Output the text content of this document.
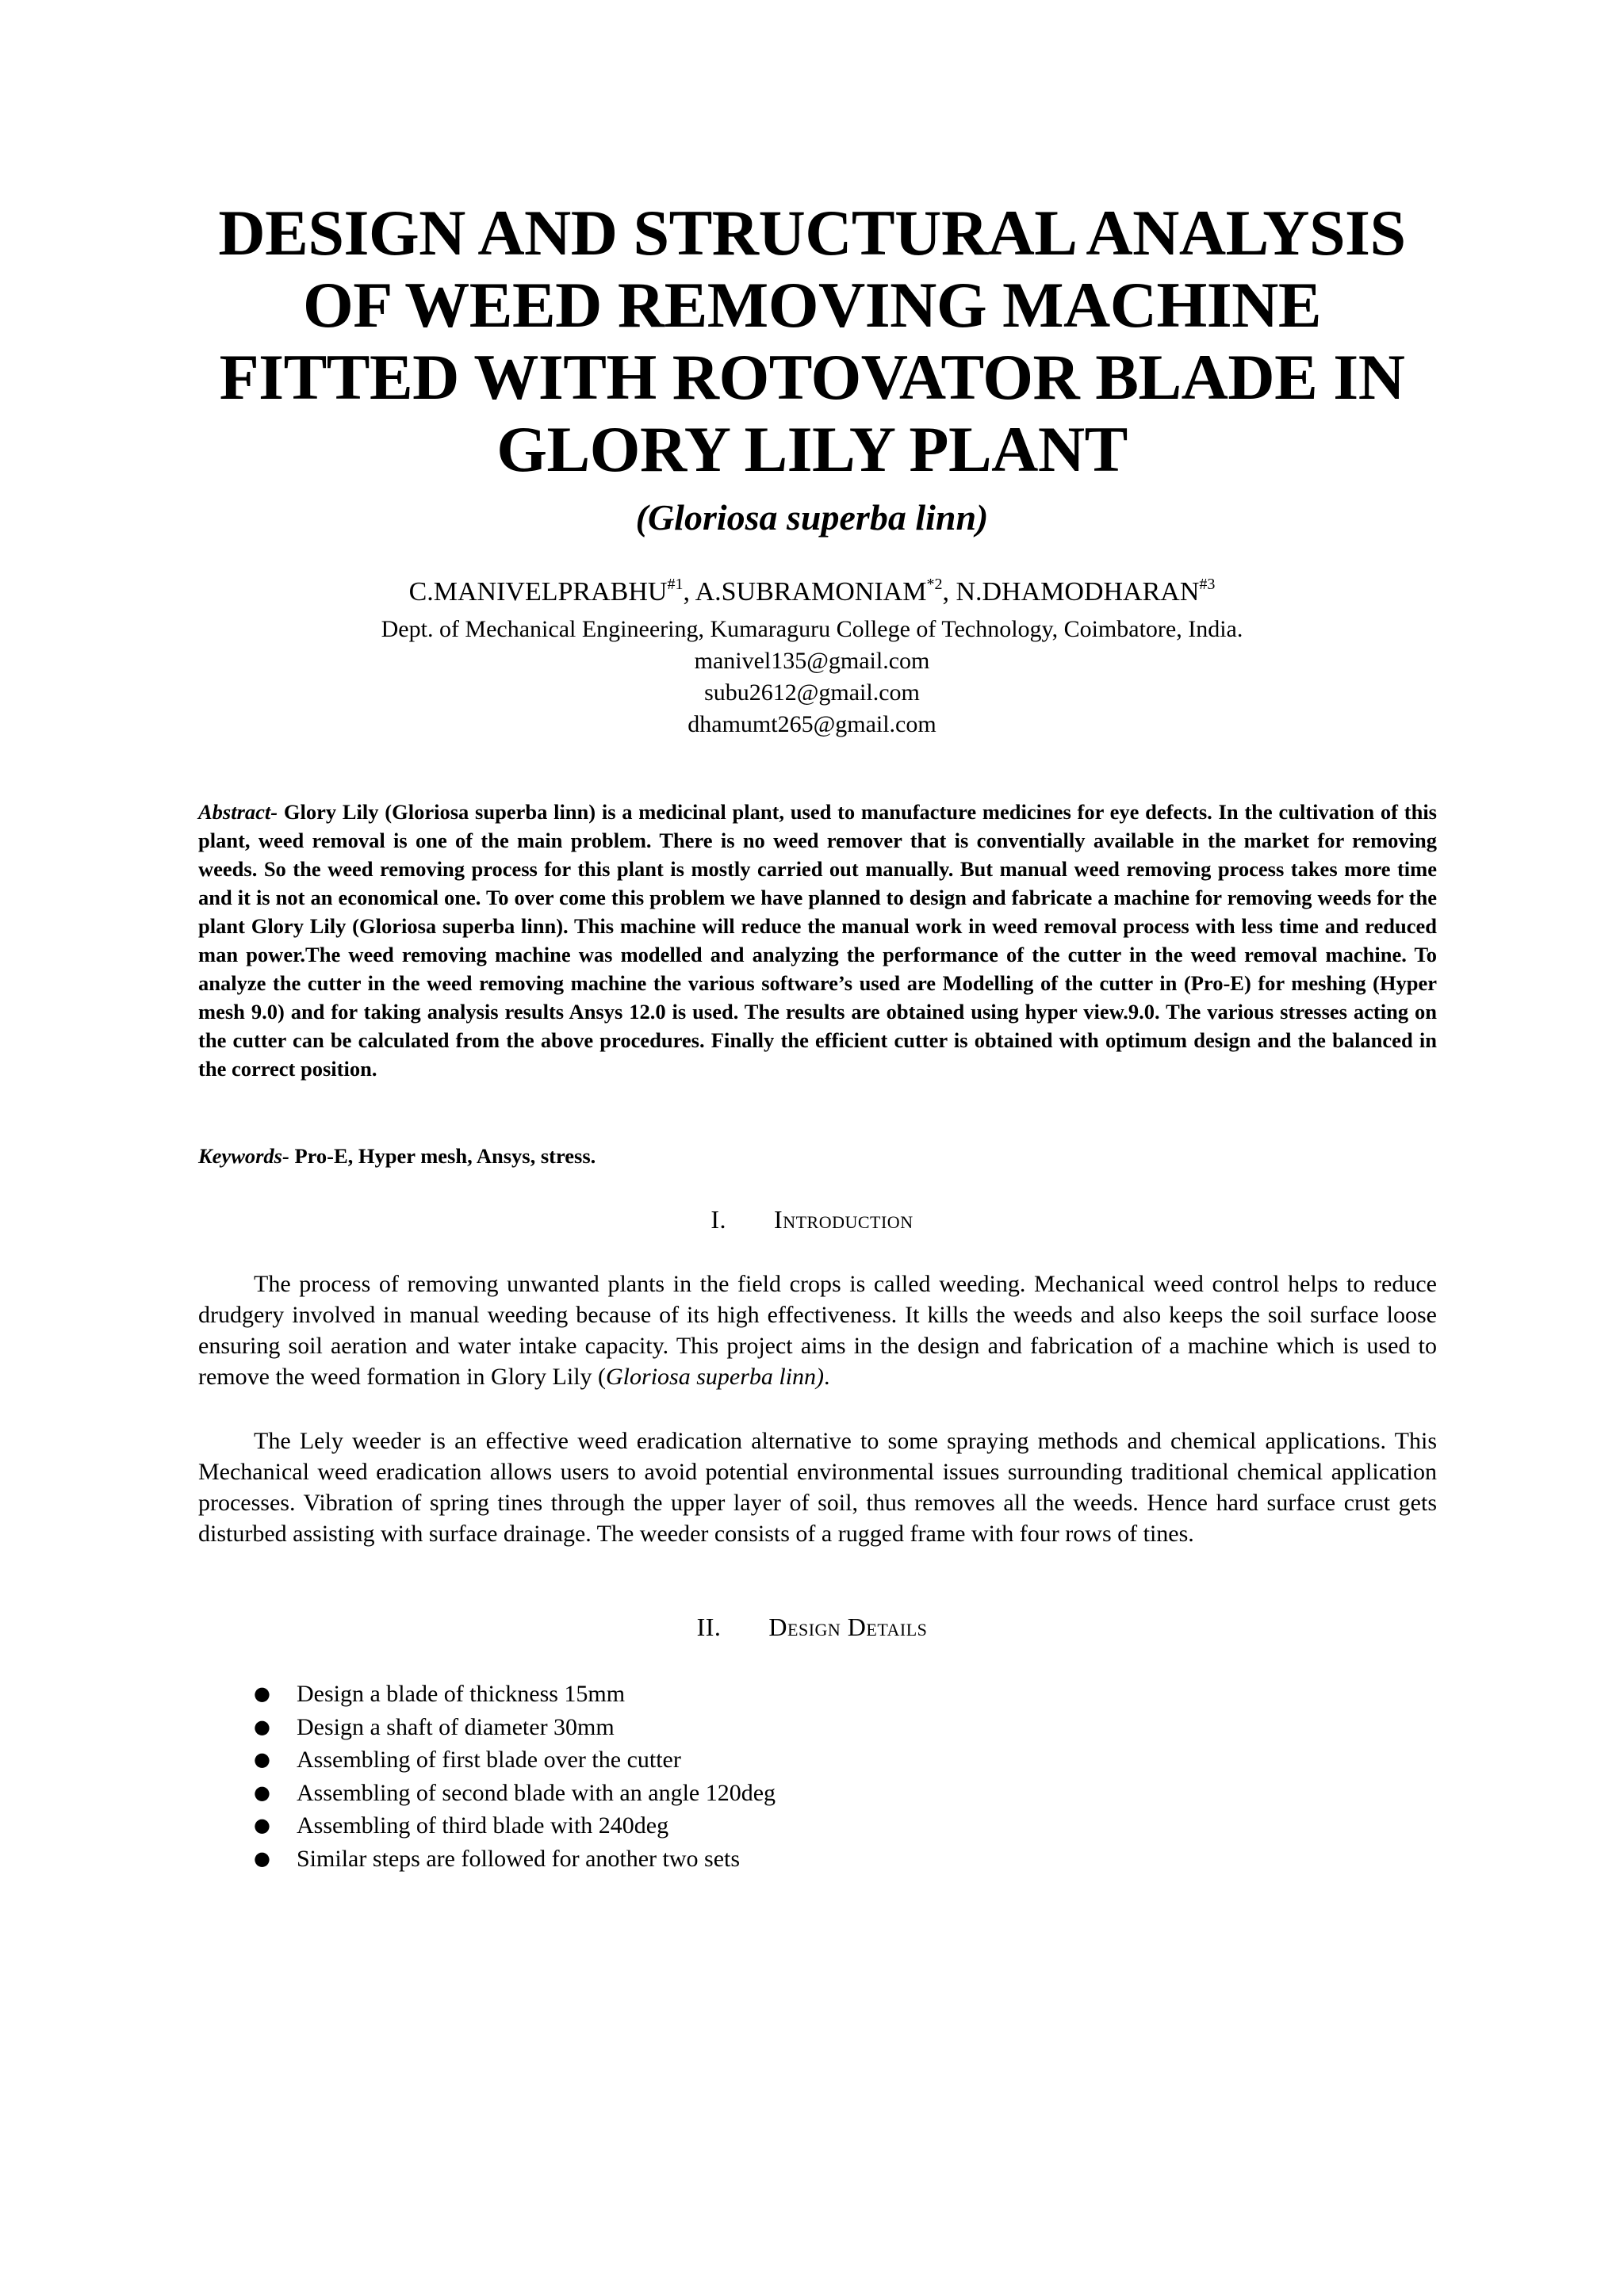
DESIGN AND STRUCTURAL ANALYSIS
OF WEED REMOVING MACHINE
FITTED WITH ROTOVATOR BLADE IN
GLORY LILY PLANT
(Gloriosa superba linn)
C.MANIVELPRABHU$^{\#1}$, A.SUBRAMONIAM$^{*2}$, N.DHAMODHARAN$^{\#3}$
Dept. of Mechanical Engineering, Kumaraguru College of Technology, Coimbatore, India.
manivel135@gmail.com
subu2612@gmail.com
dhamumt265@gmail.com
Abstract- Glory Lily (Gloriosa superba linn) is a medicinal plant, used to manufacture medicines for eye defects. In the cultivation of this plant, weed removal is one of the main problem. There is no weed remover that is conventially available in the market for removing weeds. So the weed removing process for this plant is mostly carried out manually. But manual weed removing process takes more time and it is not an economical one. To over come this problem we have planned to design and fabricate a machine for removing weeds for the plant Glory Lily (Gloriosa superba linn). This machine will reduce the manual work in weed removal process with less time and reduced man power.The weed removing machine was modelled and analyzing the performance of the cutter in the weed removal machine. To analyze the cutter in the weed removing machine the various software’s used are Modelling of the cutter in (Pro-E) for meshing (Hyper mesh 9.0) and for taking analysis results Ansys 12.0 is used. The results are obtained using hyper view.9.0. The various stresses acting on the cutter can be calculated from the above procedures. Finally the efficient cutter is obtained with optimum design and the balanced in the correct position.
Keywords- Pro-E, Hyper mesh, Ansys, stress.
I. Introduction
The process of removing unwanted plants in the field crops is called weeding. Mechanical weed control helps to reduce drudgery involved in manual weeding because of its high effectiveness. It kills the weeds and also keeps the soil surface loose ensuring soil aeration and water intake capacity. This project aims in the design and fabrication of a machine which is used to remove the weed formation in Glory Lily (Gloriosa superba linn).
The Lely weeder is an effective weed eradication alternative to some spraying methods and chemical applications. This Mechanical weed eradication allows users to avoid potential environmental issues surrounding traditional chemical application processes. Vibration of spring tines through the upper layer of soil, thus removes all the weeds. Hence hard surface crust gets disturbed assisting with surface drainage. The weeder consists of a rugged frame with four rows of tines.
II. Design Details
● Design a blade of thickness 15mm
● Design a shaft of diameter 30mm
● Assembling of first blade over the cutter
● Assembling of second blade with an angle 120deg
● Assembling of third blade with 240deg
● Similar steps are followed for another two sets
